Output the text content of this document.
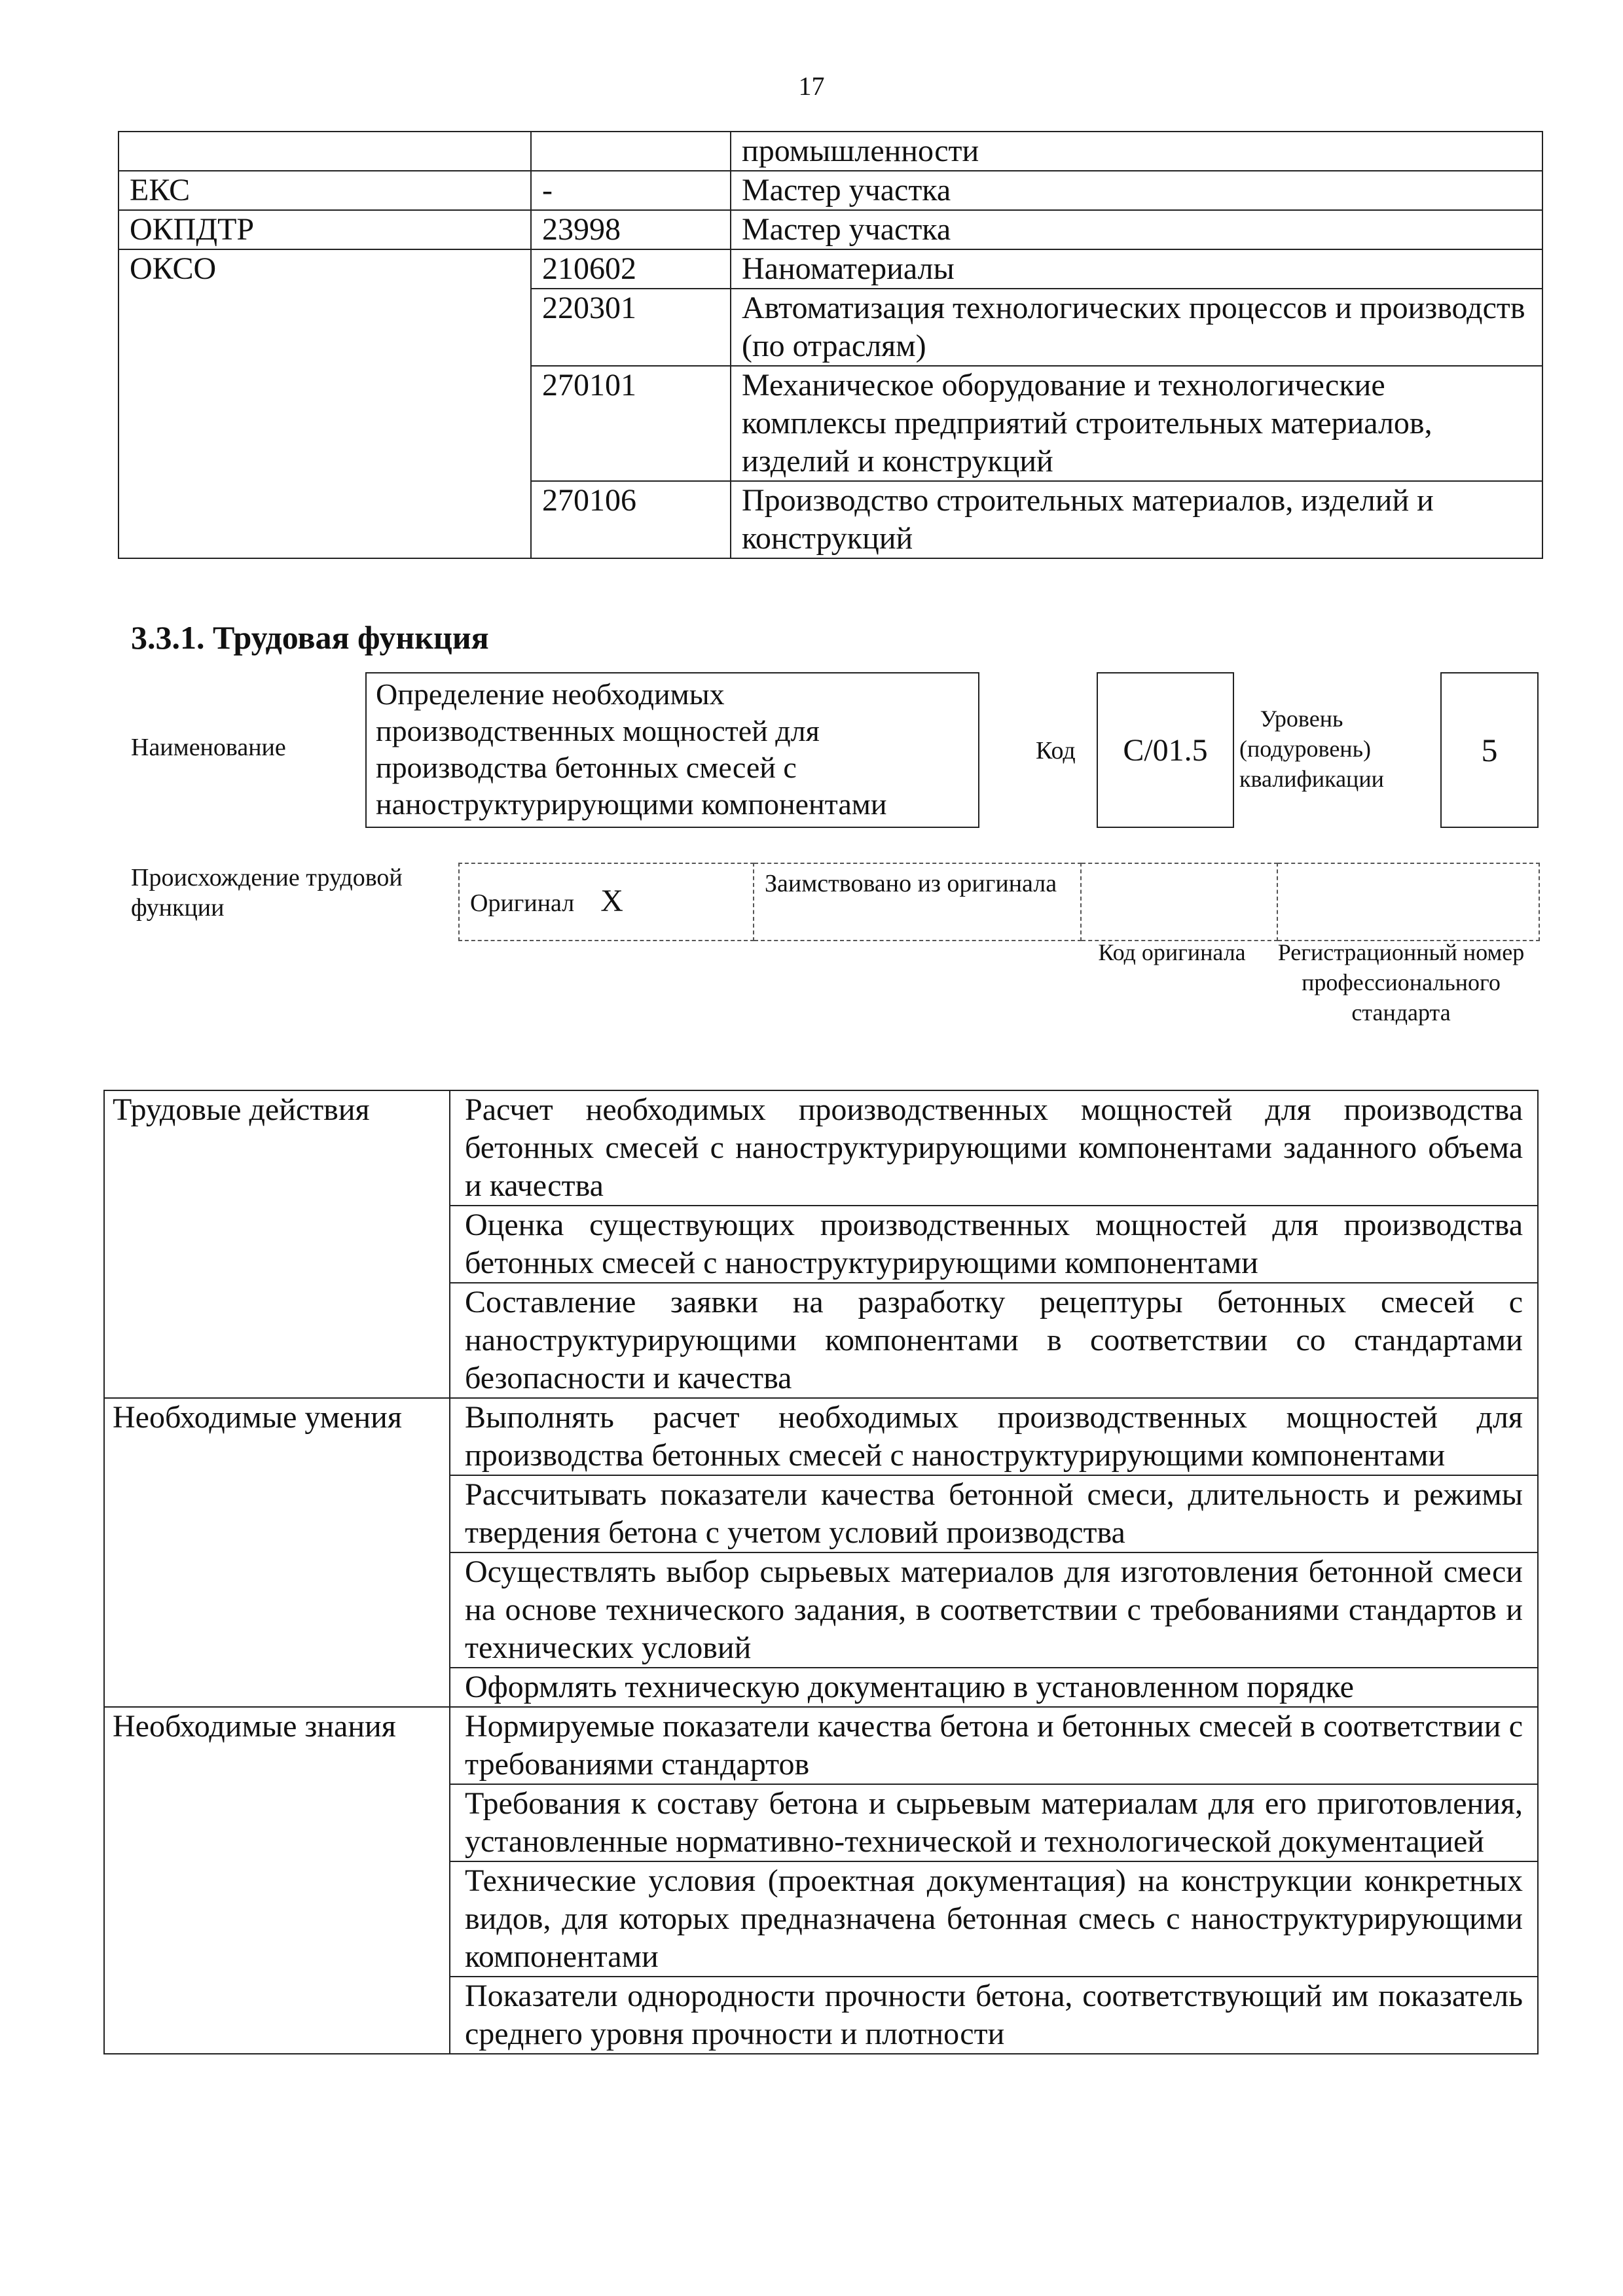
17
		промышленности
ЕКС	-	Мастер участка
ОКПДТР	23998	Мастер участка
ОКСО	210602	Наноматериалы
	220301	Автоматизация технологических процессов и производств (по отраслям)
	270101	Механическое оборудование и технологические комплексы предприятий строительных материалов, изделий и конструкций
	270106	Производство строительных материалов, изделий и конструкций
3.3.1. Трудовая функция
Наименование
Определение необходимых производственных мощностей для производства бетонных смесей с наноструктурирующими компонентами
Код	C/01.5
Уровень (подуровень) квалификации
5
Происхождение трудовой функции	Оригинал X	Заимствовано из оригинала		
Код оригинала	Регистрационный номер профессионального стандарта
Трудовые действия	Расчет необходимых производственных мощностей для производства бетонных смесей с наноструктурирующими компонентами заданного объема и качества
	Оценка существующих производственных мощностей для производства бетонных смесей с наноструктурирующими компонентами
	Составление заявки на разработку рецептуры бетонных смесей с наноструктурирующими компонентами в соответствии со стандартами безопасности и качества
Необходимые умения	Выполнять расчет необходимых производственных мощностей для производства бетонных смесей с наноструктурирующими компонентами
	Рассчитывать показатели качества бетонной смеси, длительность и режимы твердения бетона с учетом условий производства
	Осуществлять выбор сырьевых материалов для изготовления бетонной смеси на основе технического задания, в соответствии с требованиями стандартов и технических условий
	Оформлять техническую документацию в установленном порядке
Необходимые знания	Нормируемые показатели качества бетона и бетонных смесей в соответствии с требованиями стандартов
	Требования к составу бетона и сырьевым материалам для его приготовления, установленные нормативно-технической и технологической документацией
	Технические условия (проектная документация) на конструкции конкретных видов, для которых предназначена бетонная смесь с наноструктурирующими компонентами
	Показатели однородности прочности бетона, соответствующий им показатель среднего уровня прочности и плотности
